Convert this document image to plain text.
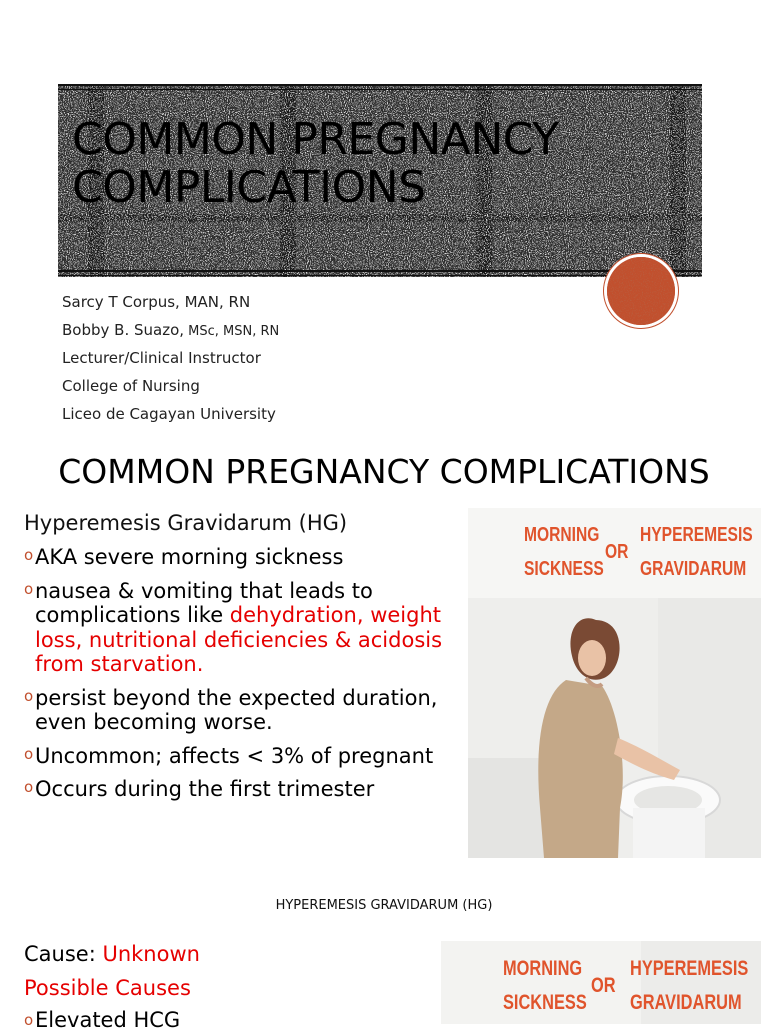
COMMON PREGNANCY COMPLICATIONS
Sarcy T Corpus, MAN, RN
Bobby B. Suazo, MSc, MSN, RN
Lecturer/Clinical Instructor
College of Nursing
Liceo de Cagayan University
COMMON PREGNANCY COMPLICATIONS
Hyperemesis Gravidarum (HG)
o AKA severe morning sickness
o nausea & vomiting that leads to complications like dehydration, weight loss, nutritional deficiencies & acidosis from starvation.
o persist beyond the expected duration, even becoming worse.
o Uncommon; affects < 3% of pregnant
o Occurs during the first trimester
MORNING
SICKNESS
OR
HYPEREMESIS
GRAVIDARUM

HYPEREMESIS GRAVIDARUM (HG)

Cause: Unknown
Possible Causes
o Elevated HCG
MORNING
SICKNESS
OR
HYPEREMESIS
GRAVIDARUM
